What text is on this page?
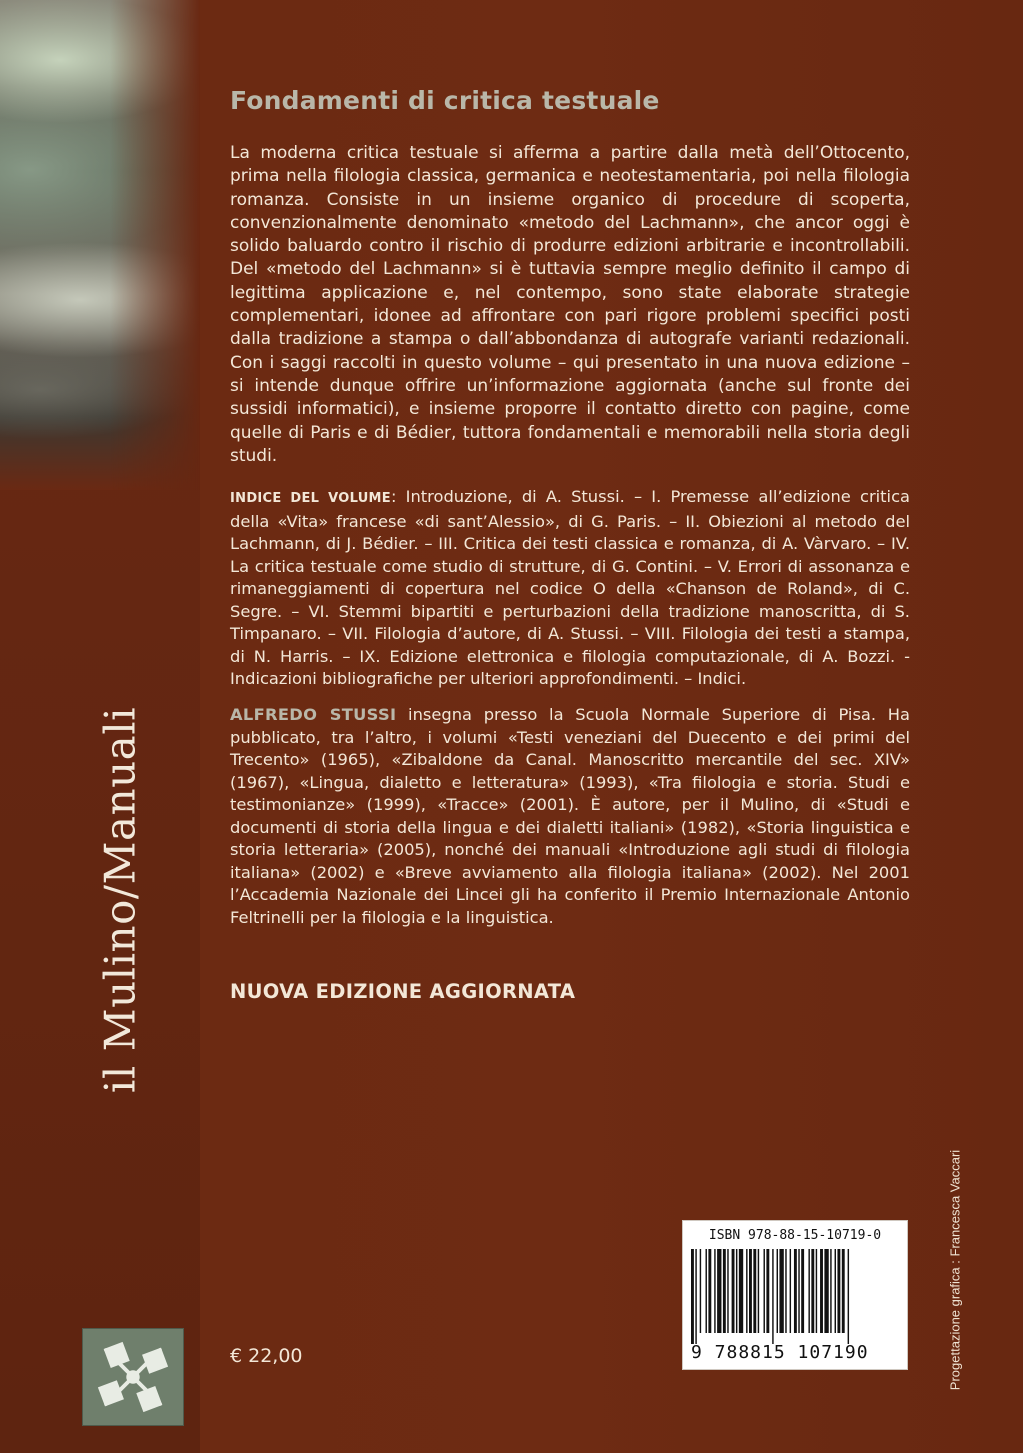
il Mulino/Manuali
Fondamenti di critica testuale
La moderna critica testuale si afferma a partire dalla metà dell’Ottocento, prima nella filologia classica, germanica e neotestamentaria, poi nella filologia romanza. Consiste in un insieme organico di procedure di scoperta, convenzionalmente denominato «metodo del Lachmann», che ancor oggi è solido baluardo contro il rischio di produrre edizioni arbitrarie e incontrollabili. Del «metodo del Lachmann» si è tuttavia sempre meglio definito il campo di legittima applicazione e, nel contempo, sono state elaborate strategie complementari, idonee ad affrontare con pari rigore problemi specifici posti dalla tradizione a stampa o dall’abbondanza di autografe varianti redazionali. Con i saggi raccolti in questo volume – qui presentato in una nuova edizione – si intende dunque offrire un’informazione aggiornata (anche sul fronte dei sussidi informatici), e insieme proporre il contatto diretto con pagine, come quelle di Paris e di Bédier, tuttora fondamentali e memorabili nella storia degli studi.
INDICE DEL VOLUME: Introduzione, di A. Stussi. – I. Premesse all’edizione critica della «Vita» francese «di sant’Alessio», di G. Paris. – II. Obiezioni al metodo del Lachmann, di J. Bédier. – III. Critica dei testi classica e romanza, di A. Vàrvaro. – IV. La critica testuale come studio di strutture, di G. Contini. – V. Errori di assonanza e rimaneggiamenti di copertura nel codice O della «Chanson de Roland», di C. Segre. – VI. Stemmi bipartiti e perturbazioni della tradizione manoscritta, di S. Timpanaro. – VII. Filologia d’autore, di A. Stussi. – VIII. Filologia dei testi a stampa, di N. Harris. – IX. Edizione elettronica e filologia computazionale, di A. Bozzi. - Indicazioni bibliografiche per ulteriori approfondimenti. – Indici.
ALFREDO STUSSI insegna presso la Scuola Normale Superiore di Pisa. Ha pubblicato, tra l’altro, i volumi «Testi veneziani del Duecento e dei primi del Trecento» (1965), «Zibaldone da Canal. Manoscritto mercantile del sec. XIV» (1967), «Lingua, dialetto e letteratura» (1993), «Tra filologia e storia. Studi e testimonianze» (1999), «Tracce» (2001). È autore, per il Mulino, di «Studi e documenti di storia della lingua e dei dialetti italiani» (1982), «Storia linguistica e storia letteraria» (2005), nonché dei manuali «Introduzione agli studi di filologia italiana» (2002) e «Breve avviamento alla filologia italiana» (2002). Nel 2001 l’Accademia Nazionale dei Lincei gli ha conferito il Premio Internazionale Antonio Feltrinelli per la filologia e la linguistica.
NUOVA EDIZIONE AGGIORNATA
€ 22,00
ISBN 978-88-15-10719-0
9 788815 107190	Progettazione grafica : Francesca Vaccari
